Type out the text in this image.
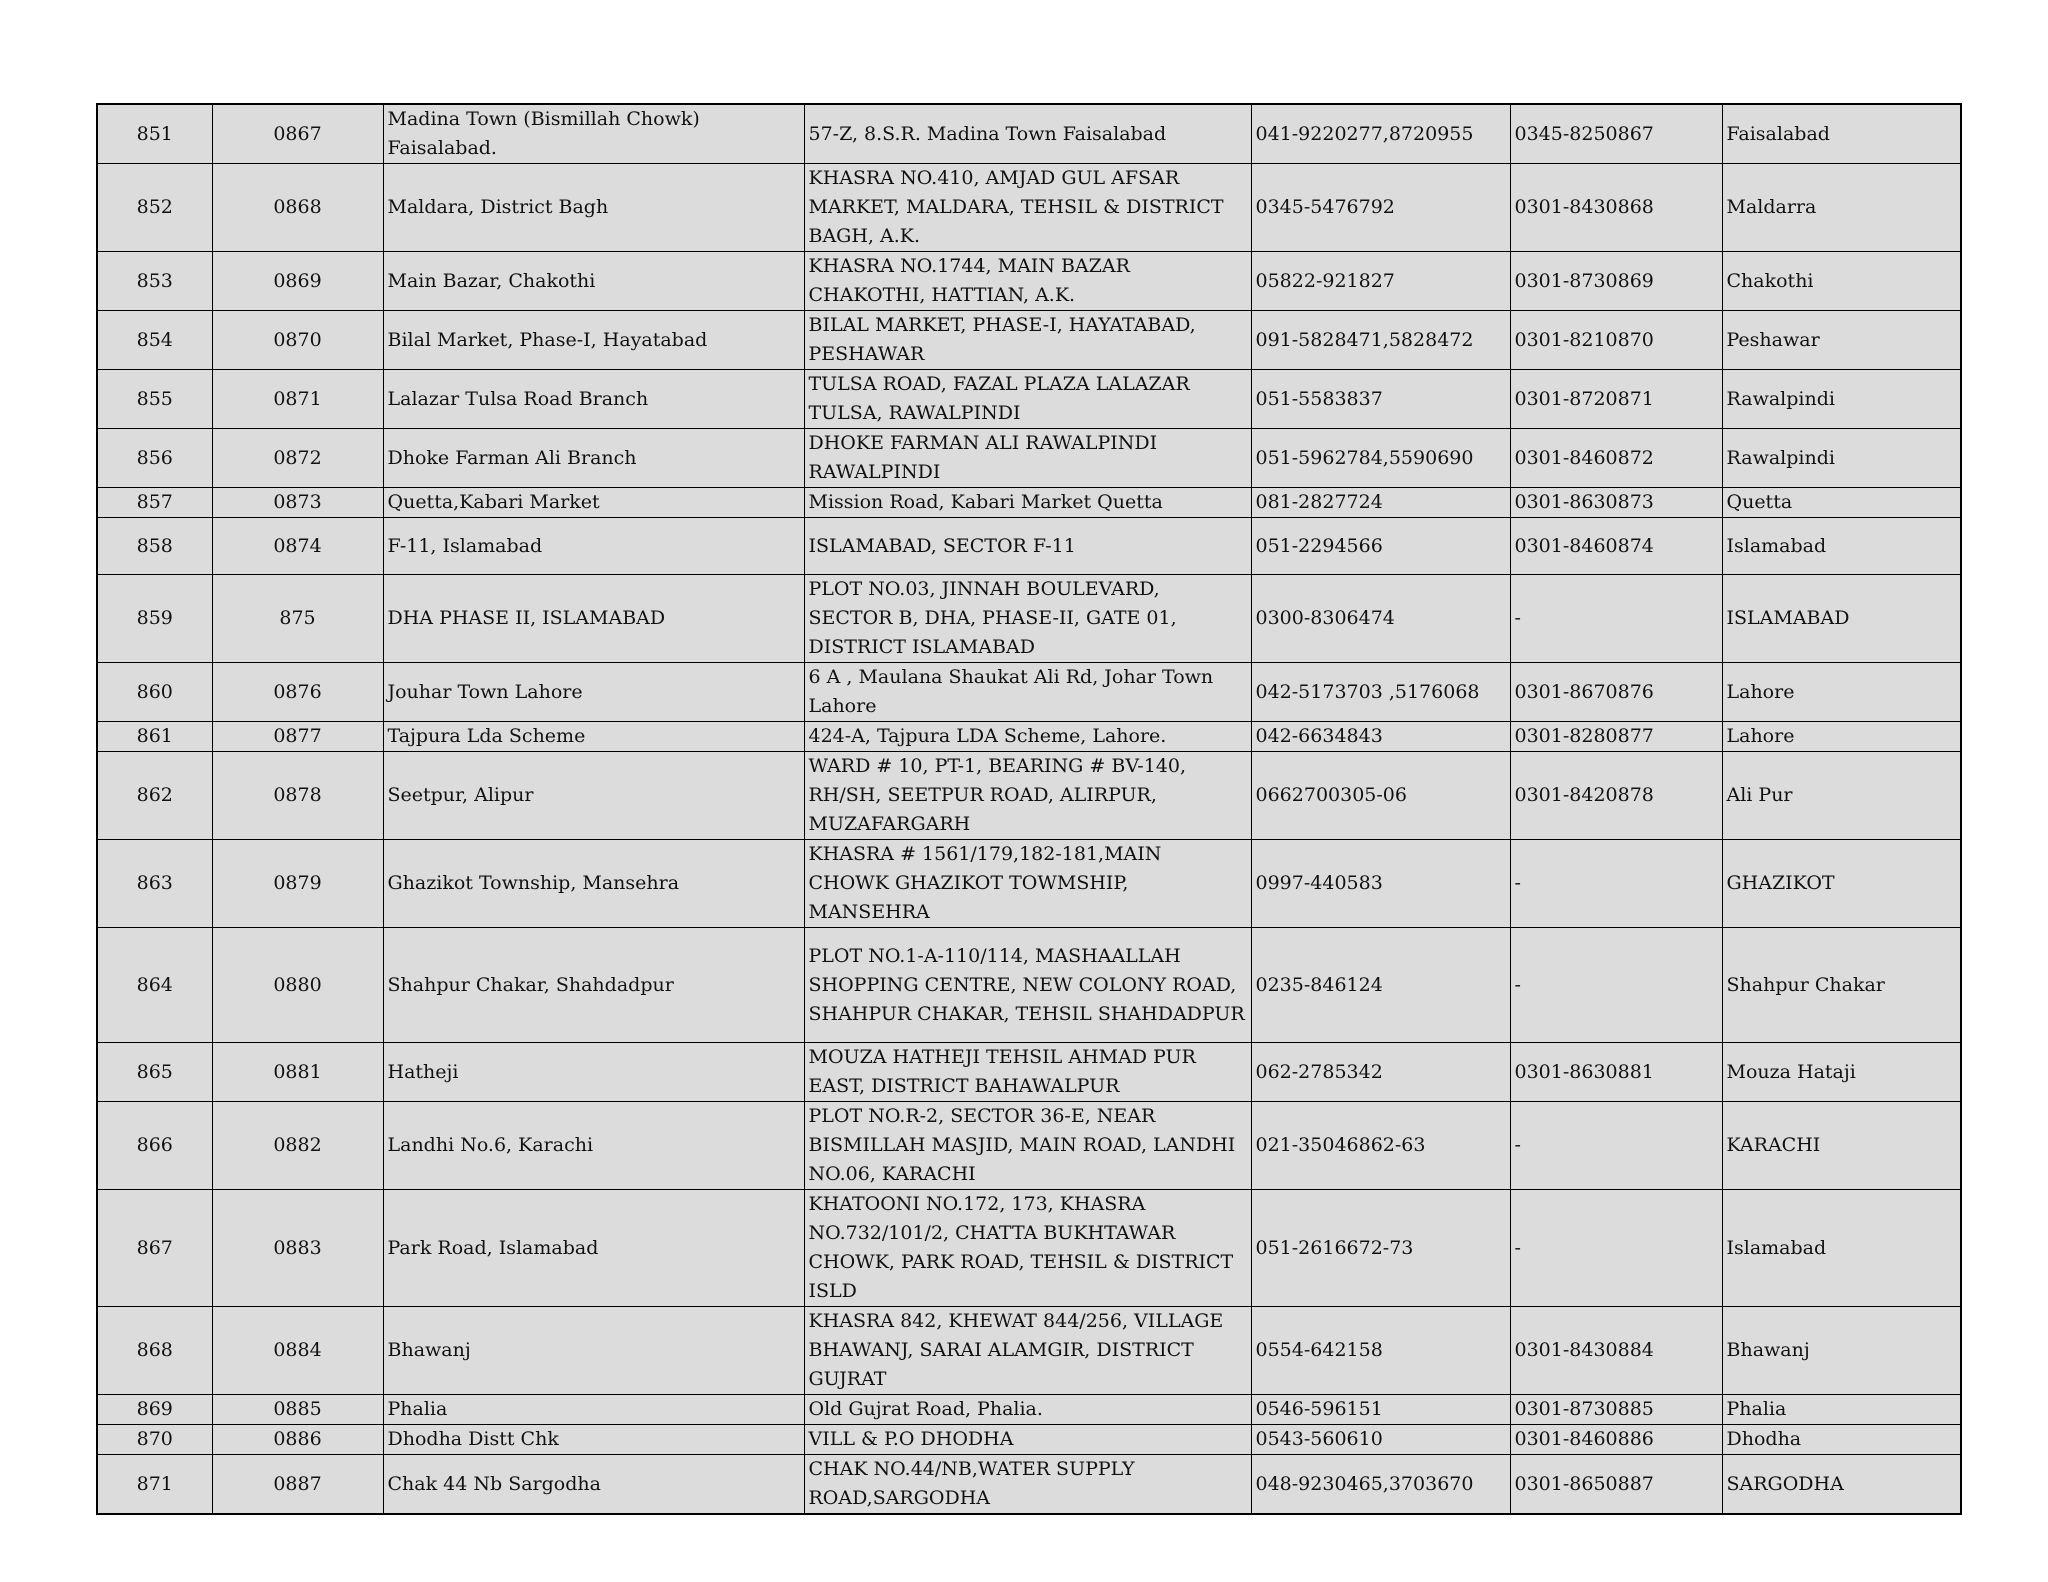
851	0867	Madina Town (Bismillah Chowk) Faisalabad.	57-Z, 8.S.R. Madina Town Faisalabad	041-9220277,8720955	0345-8250867	Faisalabad
852	0868	Maldara, District Bagh	KHASRA NO.410, AMJAD GUL AFSAR MARKET, MALDARA, TEHSIL & DISTRICT BAGH, A.K.	0345-5476792	0301-8430868	Maldarra
853	0869	Main Bazar, Chakothi	KHASRA NO.1744, MAIN BAZAR CHAKOTHI, HATTIAN, A.K.	05822-921827	0301-8730869	Chakothi
854	0870	Bilal Market, Phase-I, Hayatabad	BILAL MARKET, PHASE-I, HAYATABAD, PESHAWAR	091-5828471,5828472	0301-8210870	Peshawar
855	0871	Lalazar Tulsa Road Branch	TULSA ROAD, FAZAL PLAZA LALAZAR TULSA, RAWALPINDI	051-5583837	0301-8720871	Rawalpindi
856	0872	Dhoke Farman Ali Branch	DHOKE FARMAN ALI RAWALPINDI RAWALPINDI	051-5962784,5590690	0301-8460872	Rawalpindi
857	0873	Quetta,Kabari Market	Mission Road, Kabari Market Quetta	081-2827724	0301-8630873	Quetta
858	0874	F-11, Islamabad	ISLAMABAD, SECTOR F-11	051-2294566	0301-8460874	Islamabad
859	875	DHA PHASE II, ISLAMABAD	PLOT NO.03, JINNAH BOULEVARD, SECTOR B, DHA, PHASE-II, GATE 01, DISTRICT ISLAMABAD	0300-8306474	-	ISLAMABAD
860	0876	Jouhar Town Lahore	6 A , Maulana Shaukat Ali Rd, Johar Town Lahore	042-5173703 ,5176068	0301-8670876	Lahore
861	0877	Tajpura Lda Scheme	424-A, Tajpura LDA Scheme, Lahore.	042-6634843	0301-8280877	Lahore
862	0878	Seetpur, Alipur	WARD # 10, PT-1, BEARING # BV-140, RH/SH, SEETPUR ROAD, ALIRPUR, MUZAFARGARH	0662700305-06	0301-8420878	Ali Pur
863	0879	Ghazikot Township, Mansehra	KHASRA # 1561/179,182-181,MAIN CHOWK GHAZIKOT TOWMSHIP, MANSEHRA	0997-440583	-	GHAZIKOT
864	0880	Shahpur Chakar, Shahdadpur	PLOT NO.1-A-110/114, MASHAALLAH SHOPPING CENTRE, NEW COLONY ROAD, SHAHPUR CHAKAR, TEHSIL SHAHDADPUR	0235-846124	-	Shahpur Chakar
865	0881	Hatheji	MOUZA HATHEJI TEHSIL AHMAD PUR EAST, DISTRICT BAHAWALPUR	062-2785342	0301-8630881	Mouza Hataji
866	0882	Landhi No.6, Karachi	PLOT NO.R-2, SECTOR 36-E, NEAR BISMILLAH MASJID, MAIN ROAD, LANDHI NO.06, KARACHI	021-35046862-63	-	KARACHI
867	0883	Park Road, Islamabad	KHATOONI NO.172, 173, KHASRA NO.732/101/2, CHATTA BUKHTAWAR CHOWK, PARK ROAD, TEHSIL & DISTRICT ISLD	051-2616672-73	-	Islamabad
868	0884	Bhawanj	KHASRA 842, KHEWAT 844/256, VILLAGE BHAWANJ, SARAI ALAMGIR, DISTRICT GUJRAT	0554-642158	0301-8430884	Bhawanj
869	0885	Phalia	Old Gujrat Road, Phalia.	0546-596151	0301-8730885	Phalia
870	0886	Dhodha Distt Chk	VILL & P.O DHODHA	0543-560610	0301-8460886	Dhodha
871	0887	Chak 44 Nb Sargodha	CHAK NO.44/NB,WATER SUPPLY ROAD,SARGODHA	048-9230465,3703670	0301-8650887	SARGODHA
